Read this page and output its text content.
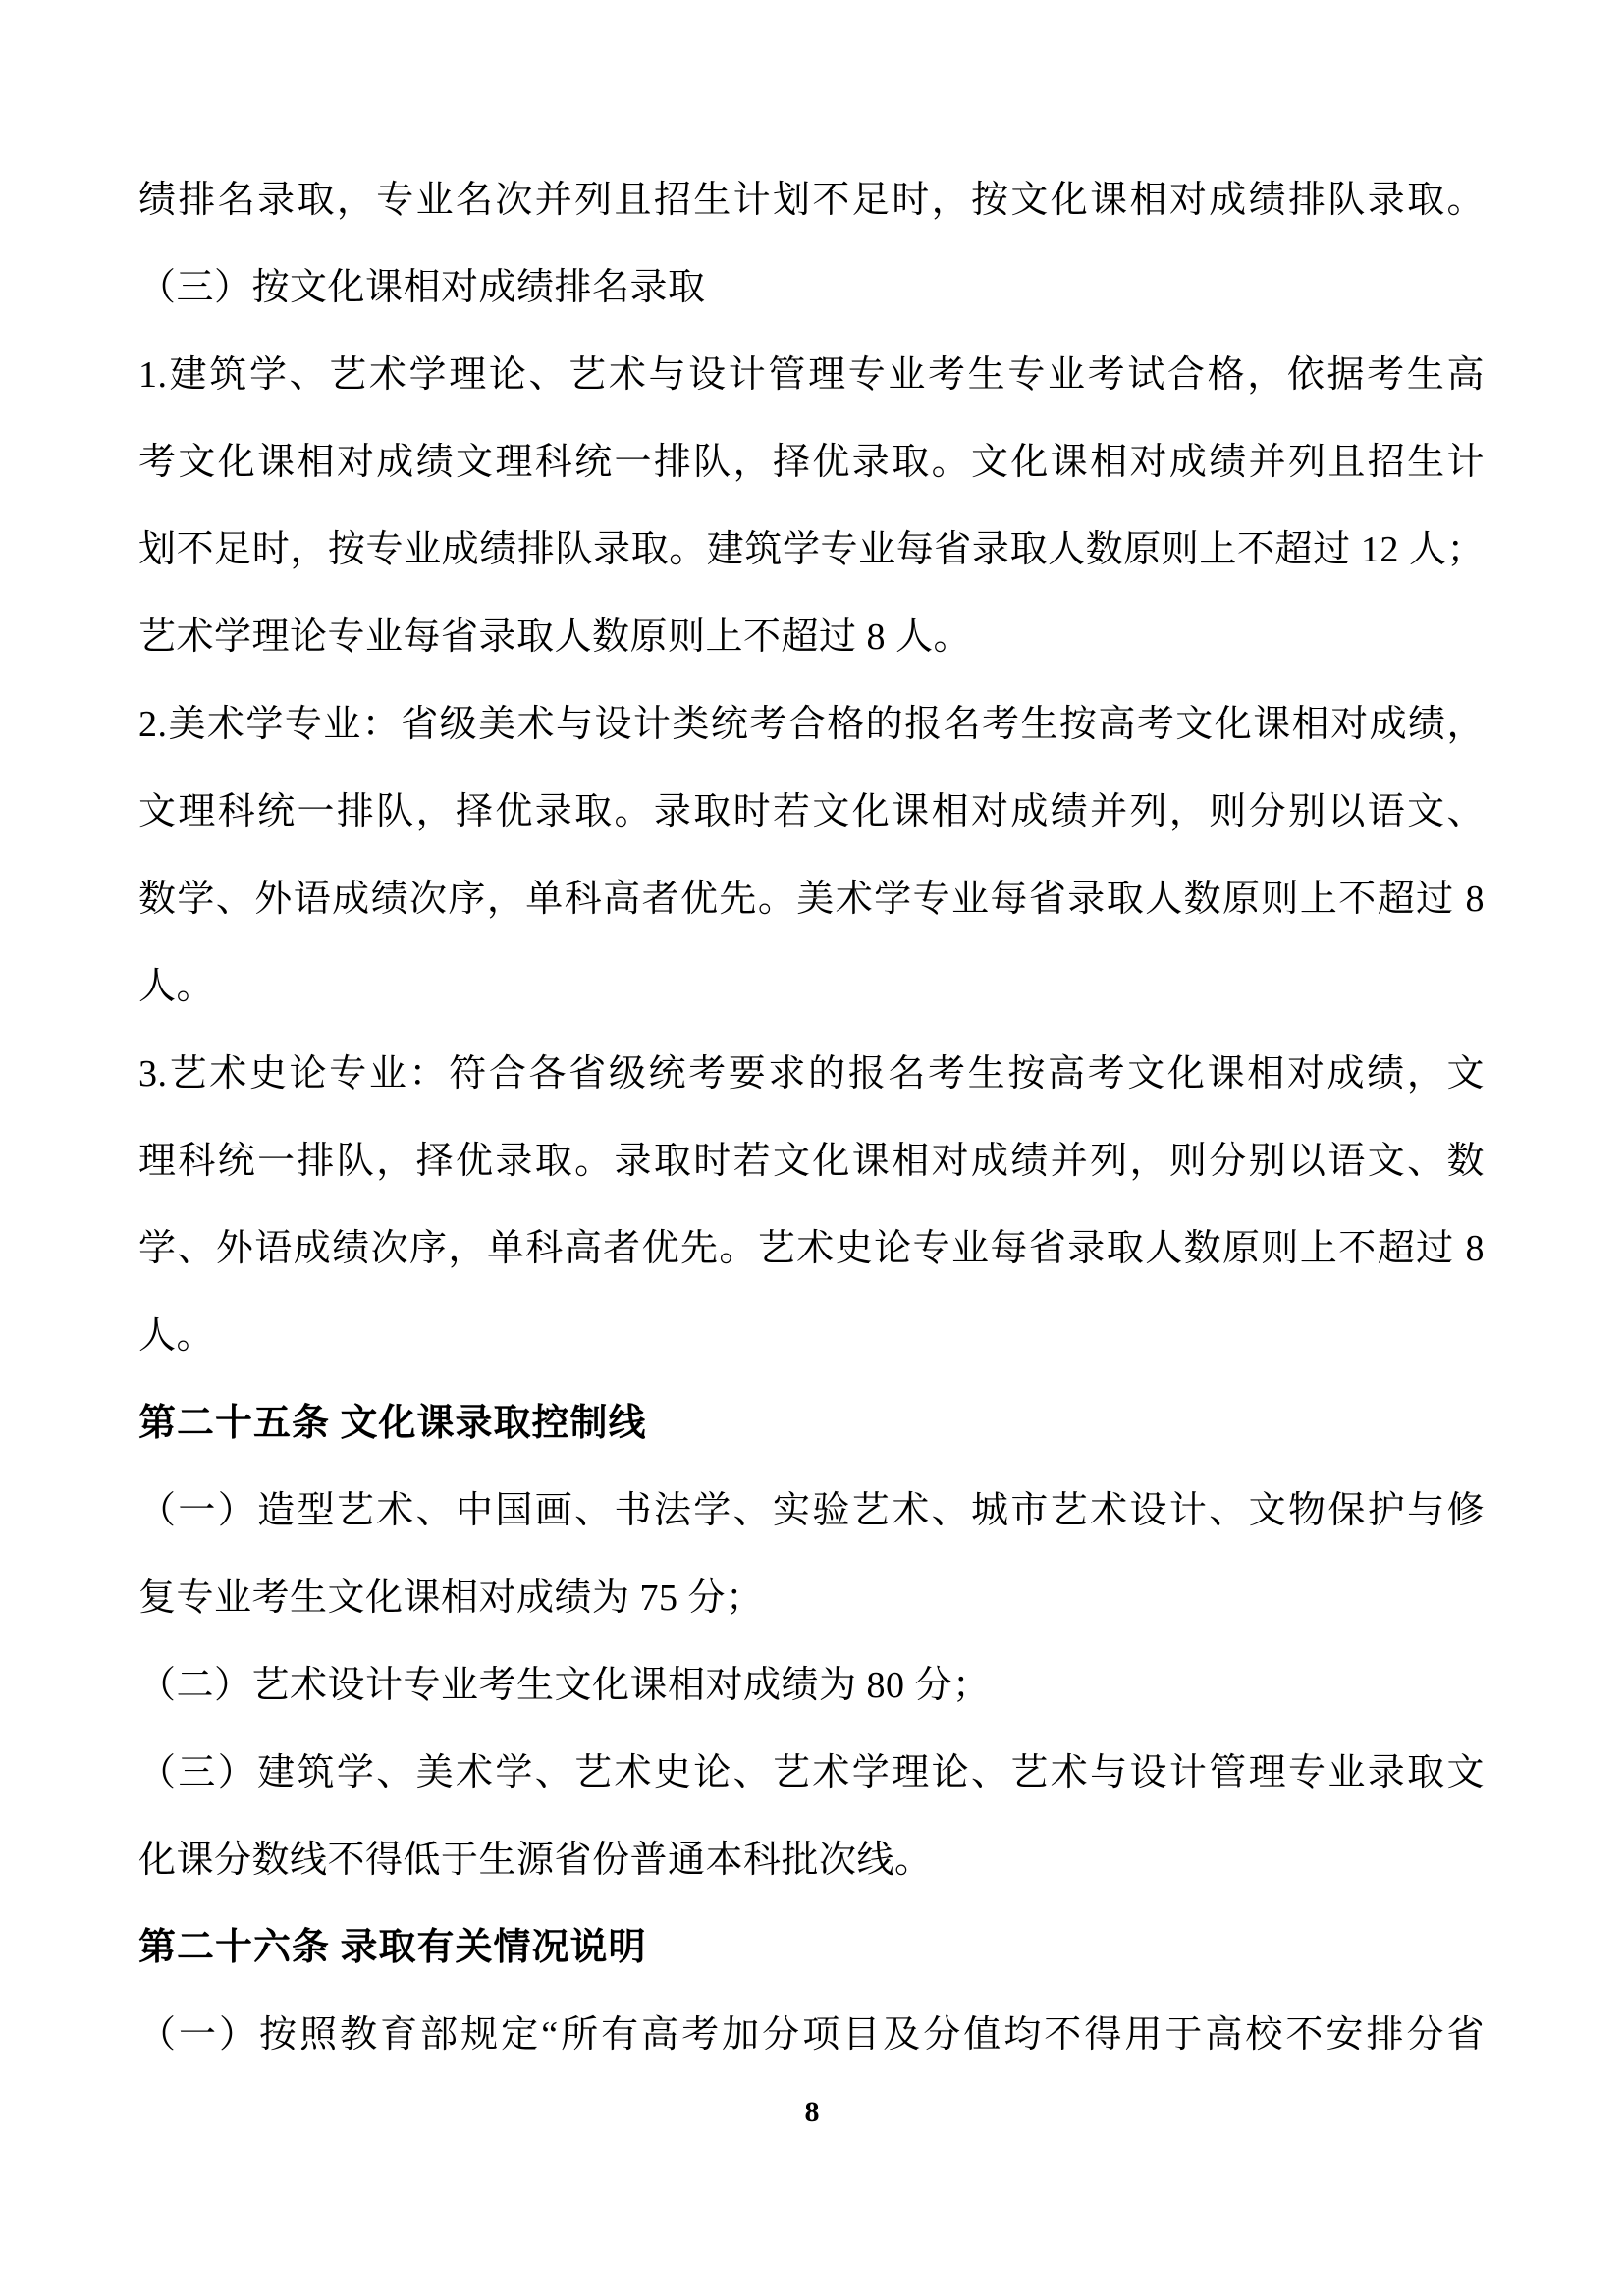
绩排名录取，专业名次并列且招生计划不足时，按文化课相对成绩排队录取。
（三）按文化课相对成绩排名录取
1.建筑学、艺术学理论、艺术与设计管理专业考生专业考试合格，依据考生高
考文化课相对成绩文理科统一排队，择优录取。文化课相对成绩并列且招生计
划不足时，按专业成绩排队录取。建筑学专业每省录取人数原则上不超过 12 人；
艺术学理论专业每省录取人数原则上不超过 8 人。
2.美术学专业：省级美术与设计类统考合格的报名考生按高考文化课相对成绩，
文理科统一排队，择优录取。录取时若文化课相对成绩并列，则分别以语文、
数学、外语成绩次序，单科高者优先。美术学专业每省录取人数原则上不超过 8
人。
3.艺术史论专业：符合各省级统考要求的报名考生按高考文化课相对成绩，文
理科统一排队，择优录取。录取时若文化课相对成绩并列，则分别以语文、数
学、外语成绩次序，单科高者优先。艺术史论专业每省录取人数原则上不超过 8
人。
第二十五条 文化课录取控制线
（一）造型艺术、中国画、书法学、实验艺术、城市艺术设计、文物保护与修
复专业考生文化课相对成绩为 75 分；
（二）艺术设计专业考生文化课相对成绩为 80 分；
（三）建筑学、美术学、艺术史论、艺术学理论、艺术与设计管理专业录取文
化课分数线不得低于生源省份普通本科批次线。
第二十六条 录取有关情况说明
（一）按照教育部规定“所有高考加分项目及分值均不得用于高校不安排分省
8
